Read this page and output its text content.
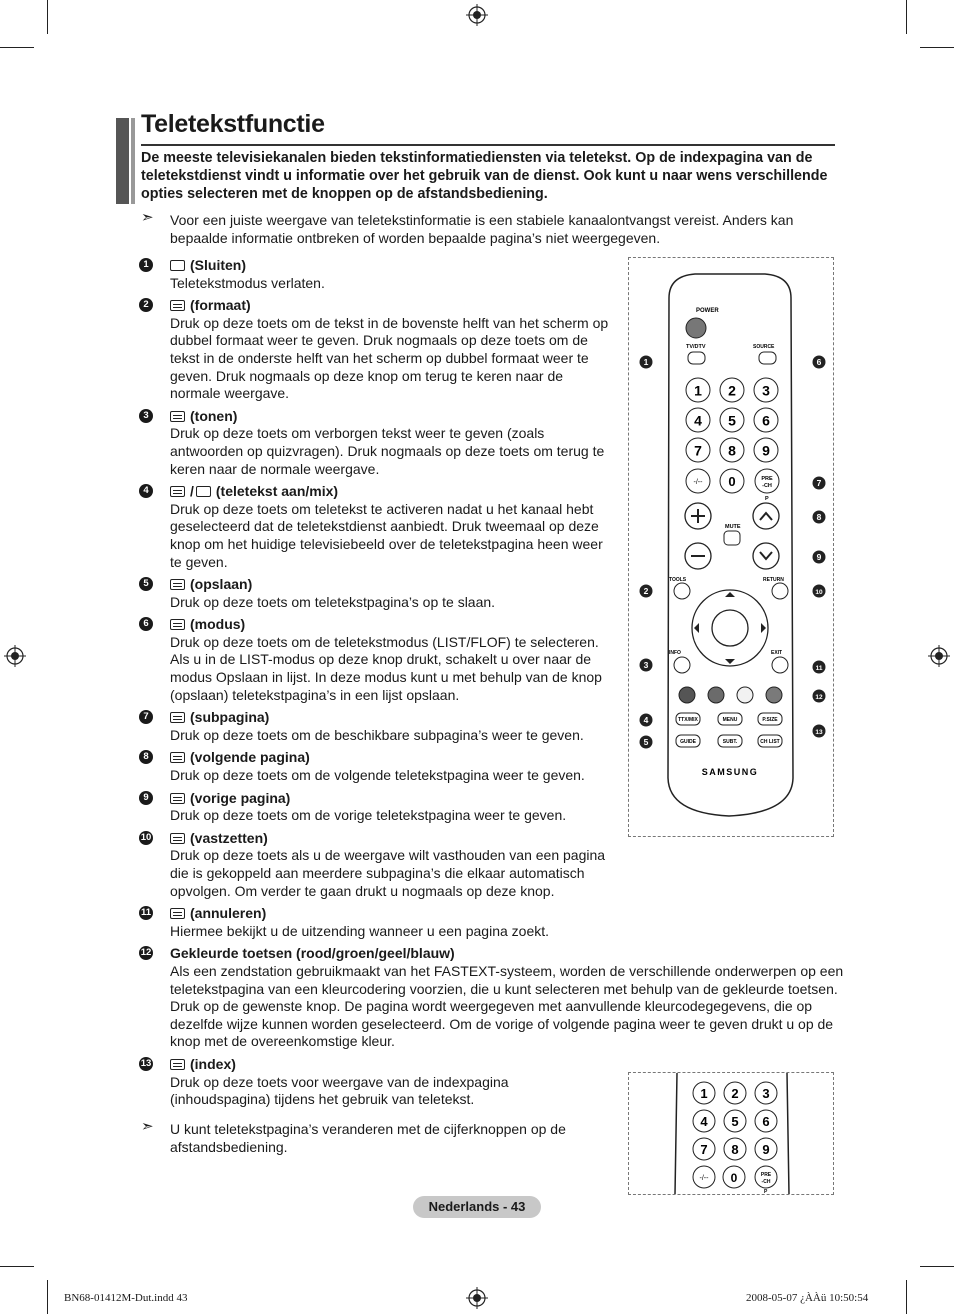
Teletekstfunctie
De meeste televisiekanalen bieden tekstinformatiediensten via teletekst. Op de indexpagina van de teletekstdienst vindt u informatie over het gebruik van de dienst. Ook kunt u naar wens verschillende opties selecteren met de knoppen op de afstandsbediening.
➣ Voor een juiste weergave van teletekstinformatie is een stabiele kanaalontvangst vereist. Anders kan bepaalde informatie ontbreken of worden bepaalde pagina’s niet weergegeven.
1	(Sluiten)
Teletekstmodus verlaten.
2	(formaat)
Druk op deze toets om de tekst in de bovenste helft van het scherm op dubbel formaat weer te geven. Druk nogmaals op deze toets om de tekst in de onderste helft van het scherm op dubbel formaat weer te geven. Druk nogmaals op deze knop om terug te keren naar de normale weergave.
3	(tonen)
Druk op deze toets om verborgen tekst weer te geven (zoals antwoorden op quizvragen). Druk nogmaals op deze toets om terug te keren naar de normale weergave.
4	/ (teletekst aan/mix)
Druk op deze toets om teletekst te activeren nadat u het kanaal hebt geselecteerd dat de teletekstdienst aanbiedt. Druk tweemaal op deze knop om het huidige televisiebeeld over de teletekstpagina heen weer te geven.
5	(opslaan)
Druk op deze toets om teletekstpagina’s op te slaan.
6	(modus)
Druk op deze toets om de teletekstmodus (LIST/FLOF) te selecteren. Als u in de LIST-modus op deze knop drukt, schakelt u over naar de modus Opslaan in lijst. In deze modus kunt u met behulp van de knop (opslaan) teletekstpagina’s in een lijst opslaan.
7	(subpagina)
Druk op deze toets om de beschikbare subpagina’s weer te geven.
8	(volgende pagina)
Druk op deze toets om de volgende teletekstpagina weer te geven.
9	(vorige pagina)
Druk op deze toets om de vorige teletekstpagina weer te geven.
10	(vastzetten)
Druk op deze toets als u de weergave wilt vasthouden van een pagina die is gekoppeld aan meerdere subpagina’s die elkaar automatisch opvolgen. Om verder te gaan drukt u nogmaals op deze knop.
11	(annuleren)
Hiermee bekijkt u de uitzending wanneer u een pagina zoekt.
12 Gekleurde toetsen (rood/groen/geel/blauw)
Als een zendstation gebruikmaakt van het FASTEXT-systeem, worden de verschillende onderwerpen op een teletekstpagina van een kleurcodering voorzien, die u kunt selecteren met behulp van de gekleurde toetsen. Druk op de gewenste knop. De pagina wordt weergegeven met aanvullende kleurcodegegevens, die op dezelfde wijze kunnen worden geselecteerd. Om de vorige of volgende pagina weer te geven drukt u op de knop met de overeenkomstige kleur.
13	(index)
Druk op deze toets voor weergave van de indexpagina (inhoudspagina) tijdens het gebruik van teletekst.
➣ U kunt teletekstpagina’s veranderen met de cijferknoppen op de afstandsbediening.
POWER
TV/DTV	SOURCE
1 2 3
4 5 6
7 8 9
-/-- 0	PRE
-CH
P
MUTE
TOOLS	RETURN
INFO	EXIT
TTX/MIX	MENU	P.SIZE
GUIDE	SUBT.	CH LIST
SAMSUNG
1
2
3
4
5
6
7
8
9
10
11
12
13
1 2 3
4 5 6
7 8 9
-/-- 0	PRE
-CH
P
Nederlands - 43
BN68-01412M-Dut.indd 43	2008-05-07 ¿ÀÀü 10:50:54
